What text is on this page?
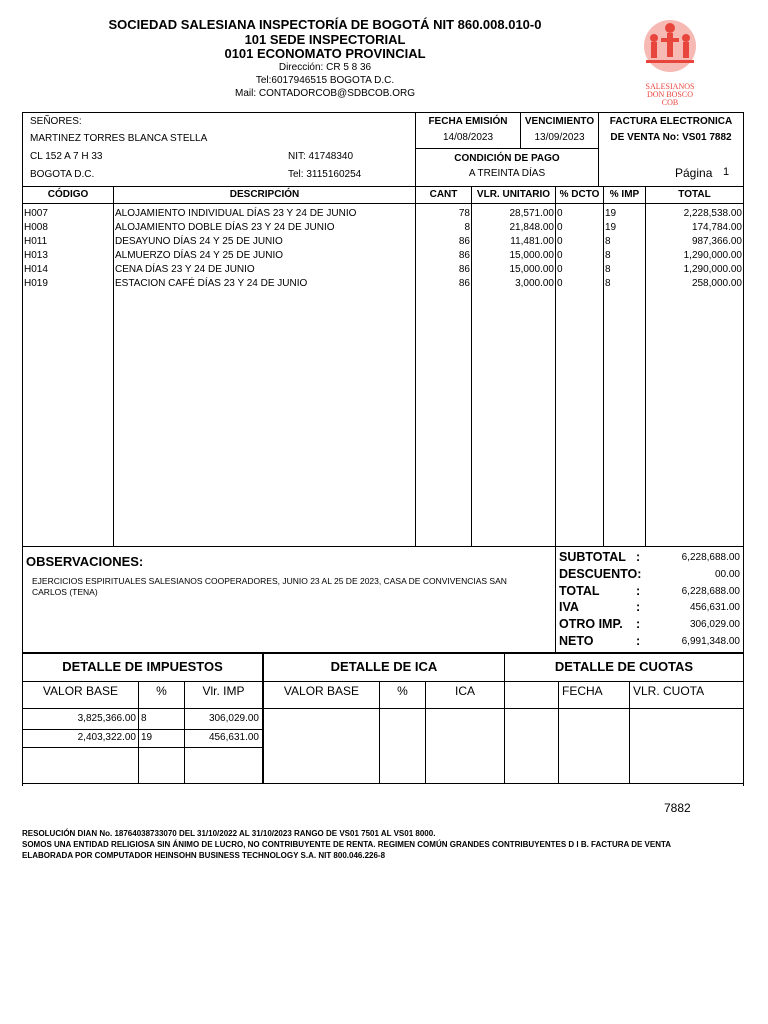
SOCIEDAD SALESIANA INSPECTORÍA DE BOGOTÁ NIT 860.008.010-0
101 SEDE INSPECTORIAL
0101 ECONOMATO PROVINCIAL
Dirección: CR 5 8 36
Tel:6017946515 BOGOTA D.C.
Mail: CONTADORCOB@SDBCOB.ORG
SALESIANOS
DON BOSCO
COB
SEÑORES:
MARTINEZ TORRES BLANCA STELLA
CL 152 A 7 H 33	NIT: 41748340
BOGOTA D.C.	Tel: 3115160254
FECHA EMISIÓN
14/08/2023
VENCIMIENTO
13/09/2023
FACTURA ELECTRONICA
DE VENTA No: VS01 7882
CONDICIÓN DE PAGO
A TREINTA DÍAS	Página 1
CÓDIGO	DESCRIPCIÓN	CANT	VLR. UNITARIO % DCTO	% IMP	TOTAL
H007	ALOJAMIENTO INDIVIDUAL DÍAS 23 Y 24 DE JUNIO	78	28,571.00 0	19	2,228,538.00
H008	ALOJAMIENTO DOBLE DÍAS 23 Y 24 DE JUNIO	8	21,848.00 0	19	174,784.00
H011	DESAYUNO DÍAS 24 Y 25 DE JUNIO	86	11,481.00 0	8	987,366.00
H013	ALMUERZO DÍAS 24 Y 25 DE JUNIO	86	15,000.00 0	8	1,290,000.00
H014	CENA DÍAS 23 Y 24 DE JUNIO	86	15,000.00 0	8	1,290,000.00
H019	ESTACION CAFÉ DÍAS 23 Y 24 DE JUNIO	86	3,000.00 0	8	258,000.00
OBSERVACIONES:
EJERCICIOS ESPIRITUALES SALESIANOS COOPERADORES, JUNIO 23 AL 25 DE 2023, CASA DE CONVIVENCIAS SAN CARLOS (TENA)
SUBTOTAL :	6,228,688.00
DESCUENTO:	00.00
TOTAL	:	6,228,688.00
IVA	:	456,631.00
OTRO IMP. :	306,029.00
NETO	:	6,991,348.00
DETALLE DE IMPUESTOS	DETALLE DE ICA	DETALLE DE CUOTAS
VALOR BASE	%	Vlr. IMP	VALOR BASE	%	ICA	FECHA	VLR. CUOTA
3,825,366.00 8	306,029.00
2,403,322.00 19	456,631.00
7882
RESOLUCIÓN DIAN No. 18764038733070 DEL 31/10/2022 AL 31/10/2023 RANGO DE VS01 7501 AL VS01 8000.
SOMOS UNA ENTIDAD RELIGIOSA SIN ÁNIMO DE LUCRO, NO CONTRIBUYENTE DE RENTA. REGIMEN COMÚN GRANDES CONTRIBUYENTES D I B. FACTURA DE VENTA
ELABORADA POR COMPUTADOR HEINSOHN BUSINESS TECHNOLOGY S.A. NIT 800.046.226-8
